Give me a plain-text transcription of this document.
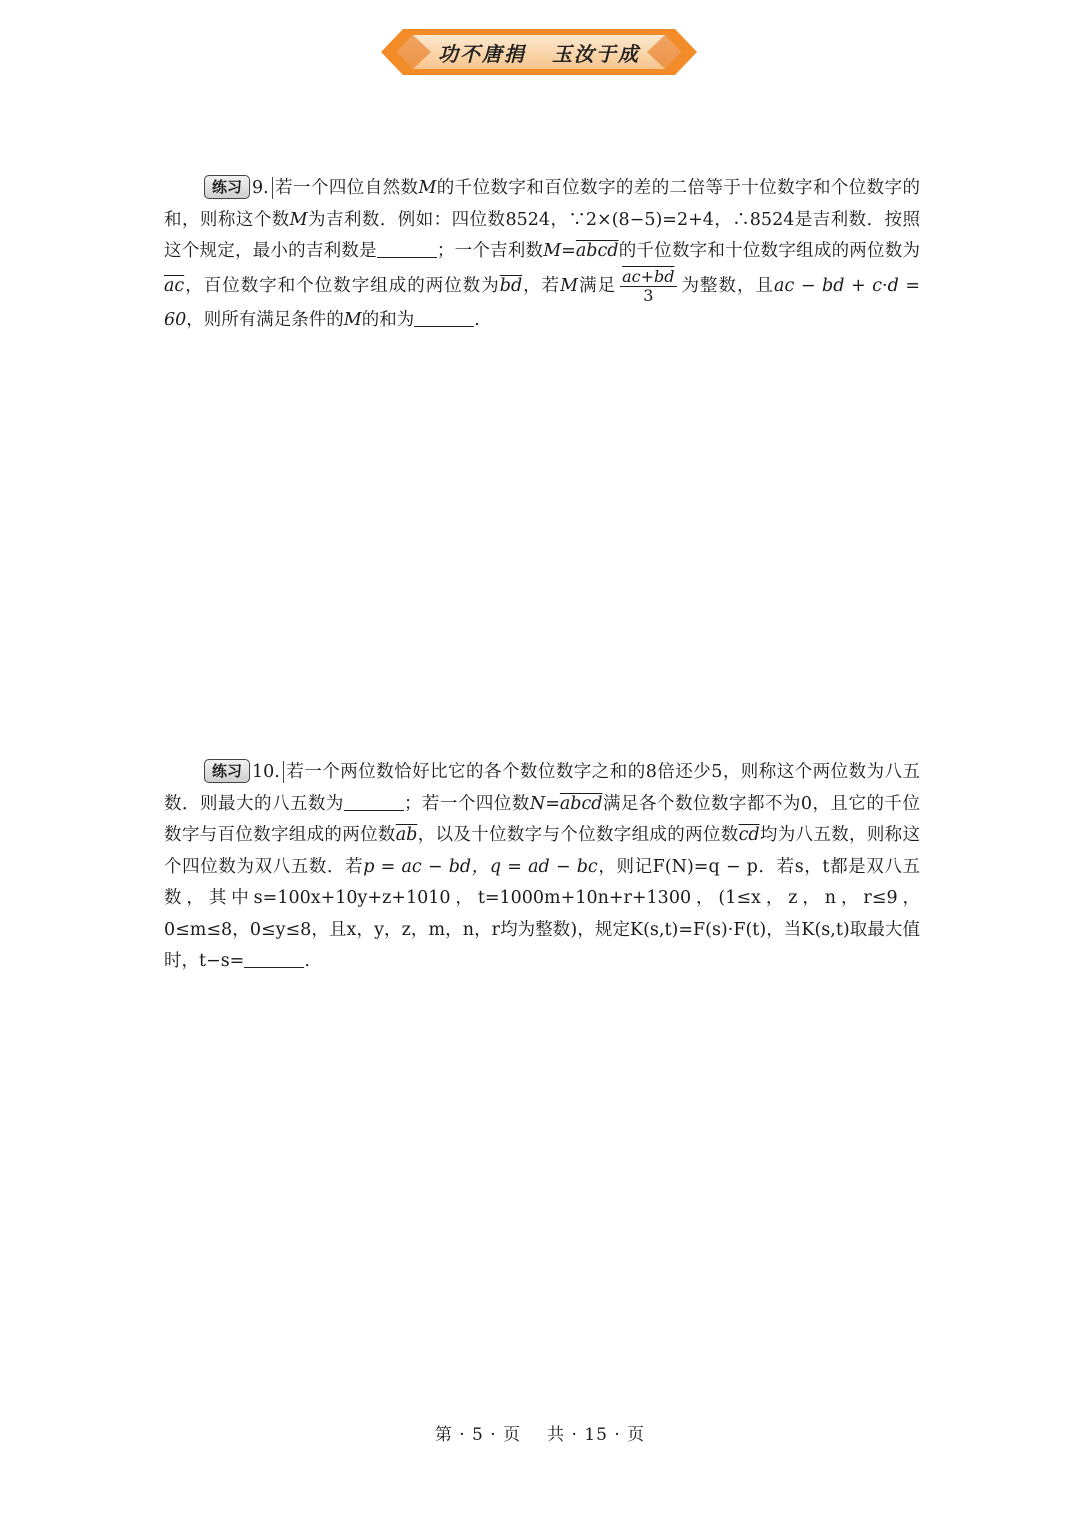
功不唐捐 玉汝于成
练习 9. 若一个四位自然数M的千位数字和百位数字的差的二倍等于十位数字和个位数字的和，则称这个数M为吉利数．例如：四位数8524，∵2×(8−5)=2+4，∴8524是吉利数．按照这个规定，最小的吉利数是	；一个吉利数M=abcd的千位数字和十位数字组成的两位数为$\overline{ac}$，百位数字和个位数字组成的两位数为$\overline{bd}$，若M满足 $\frac{ac+bd}{3}$ 为整数，且ac − bd + c·d = 60，则所有满足条件的M的和为	.
练习 10. 若一个两位数恰好比它的各个数位数字之和的8倍还少5，则称这个两位数为八五数．则最大的八五数为	；若一个四位数N=abcd满足各个数位数字都不为0，且它的千位数字与百位数字组成的两位数$\overline{ab}$，以及十位数字与个位数字组成的两位数$\overline{cd}$均为八五数，则称这个四位数为双八五数．若p = ac − bd，q = ad − bc，则记F(N)=q − p．若s，t都是双八五数，其中s=100x+10y+z+1010，t=1000m+10n+r+1300，(1≤x，z，n，r≤9，0≤m≤8，0≤y≤8，且x，y，z，m，n，r均为整数)，规定K(s,t)=F(s)·F(t)，当K(s,t)取最大值时，t−s=	.
第 · 5 · 页 共 · 15 · 页
